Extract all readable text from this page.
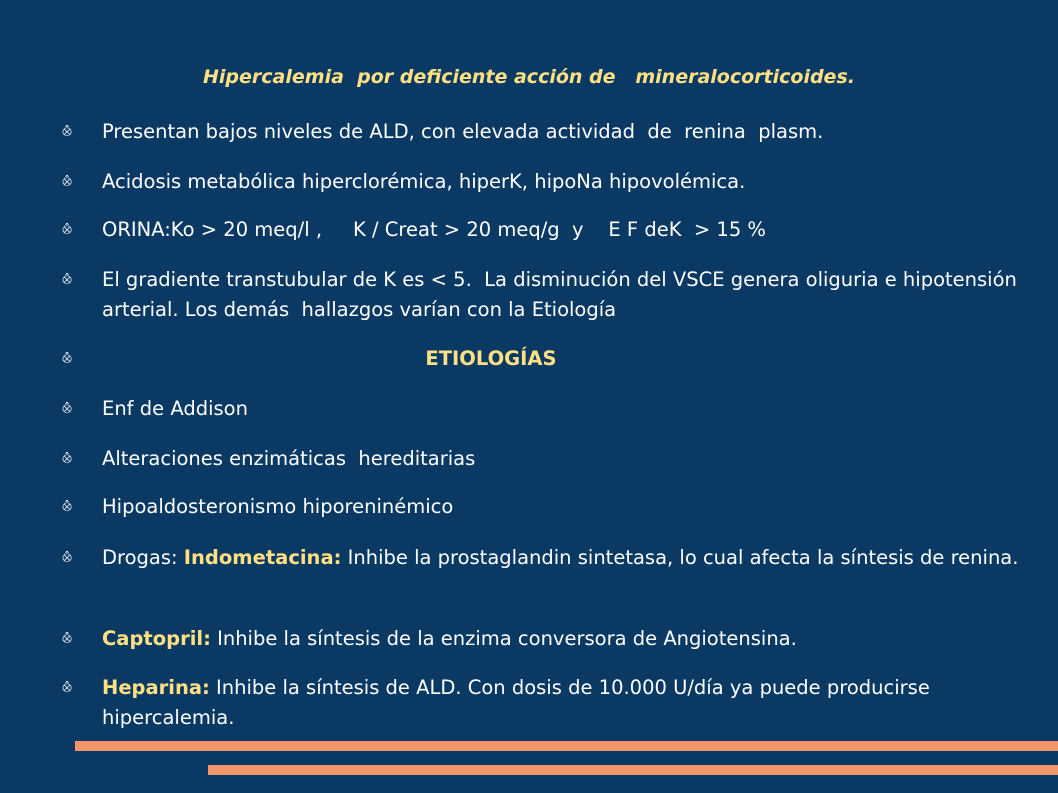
Hipercalemia  por deficiente acción de   mineralocorticoides.
⨶	Presentan bajos niveles de ALD, con elevada actividad  de  renina  plasm.
⨶	Acidosis metabólica hiperclorémica, hiperK, hipoNa hipovolémica.
⨶	ORINA:Ko > 20 meq/l ,     K / Creat > 20 meq/g  y    E F deK  > 15 %
⨶	El gradiente transtubular de K es < 5.  La disminución del VSCE genera oliguria e hipotensión arterial. Los demás  hallazgos varían con la Etiología
⨶	ETIOLOGÍAS
⨶	Enf de Addison
⨶	Alteraciones enzimáticas  hereditarias
⨶	Hipoaldosteronismo hiporeninémico
⨶	Drogas: Indometacina: Inhibe la prostaglandin sintetasa, lo cual afecta la síntesis de renina.
⨶	Captopril: Inhibe la síntesis de la enzima conversora de Angiotensina.
⨶	Heparina: Inhibe la síntesis de ALD. Con dosis de 10.000 U/día ya puede producirse hipercalemia.
